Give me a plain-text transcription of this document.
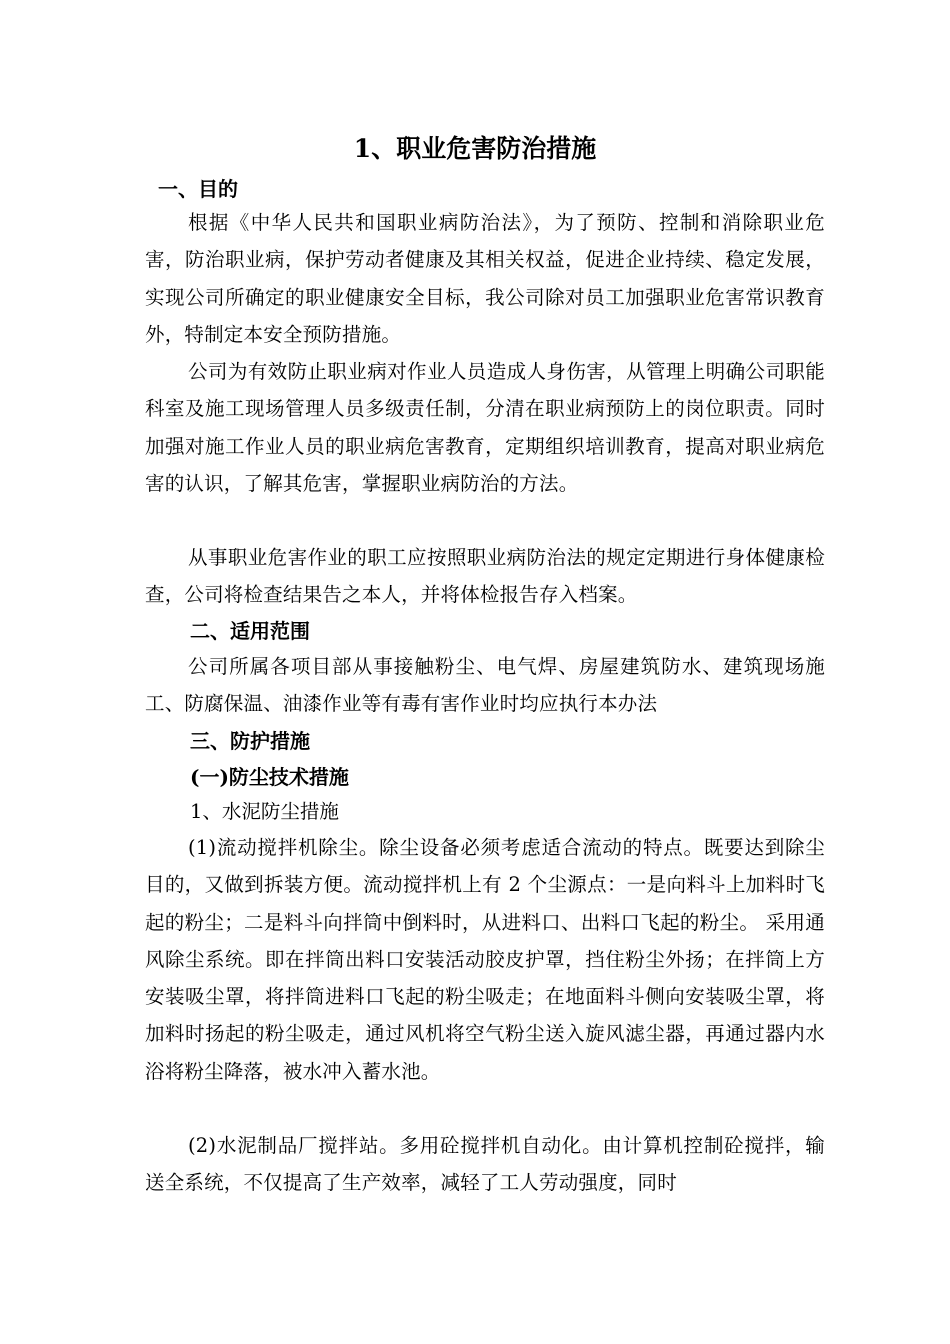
1、职业危害防治措施
一、目的

根据《中华人民共和国职业病防治法》，为了预防、控制和消除职业危害，防治职业病，保护劳动者健康及其相关权益，促进企业持续、稳定发展，实现公司所确定的职业健康安全目标，我公司除对员工加强职业危害常识教育外，特制定本安全预防措施。

公司为有效防止职业病对作业人员造成人身伤害，从管理上明确公司职能科室及施工现场管理人员多级责任制，分清在职业病预防上的岗位职责。同时加强对施工作业人员的职业病危害教育，定期组织培训教育，提高对职业病危害的认识，了解其危害，掌握职业病防治的方法。

从事职业危害作业的职工应按照职业病防治法的规定定期进行身体健康检查，公司将检查结果告之本人，并将体检报告存入档案。

二、适用范围

公司所属各项目部从事接触粉尘、电气焊、房屋建筑防水、建筑现场施工、防腐保温、油漆作业等有毒有害作业时均应执行本办法

三、防护措施
(一)防尘技术措施
1、水泥防尘措施

(1)流动搅拌机除尘。除尘设备必须考虑适合流动的特点。既要达到除尘目的，又做到拆装方便。流动搅拌机上有 2 个尘源点：一是向料斗上加料时飞起的粉尘；二是料斗向拌筒中倒料时，从进料口、出料口飞起的粉尘。 采用通风除尘系统。即在拌筒出料口安装活动胶皮护罩，挡住粉尘外扬；在拌筒上方安装吸尘罩，将拌筒进料口飞起的粉尘吸走；在地面料斗侧向安装吸尘罩，将加料时扬起的粉尘吸走，通过风机将空气粉尘送入旋风滤尘器，再通过器内水浴将粉尘降落，被水冲入蓄水池。

(2)水泥制品厂搅拌站。多用砼搅拌机自动化。由计算机控制砼搅拌，输送全系统，不仅提高了生产效率，减轻了工人劳动强度，同时
